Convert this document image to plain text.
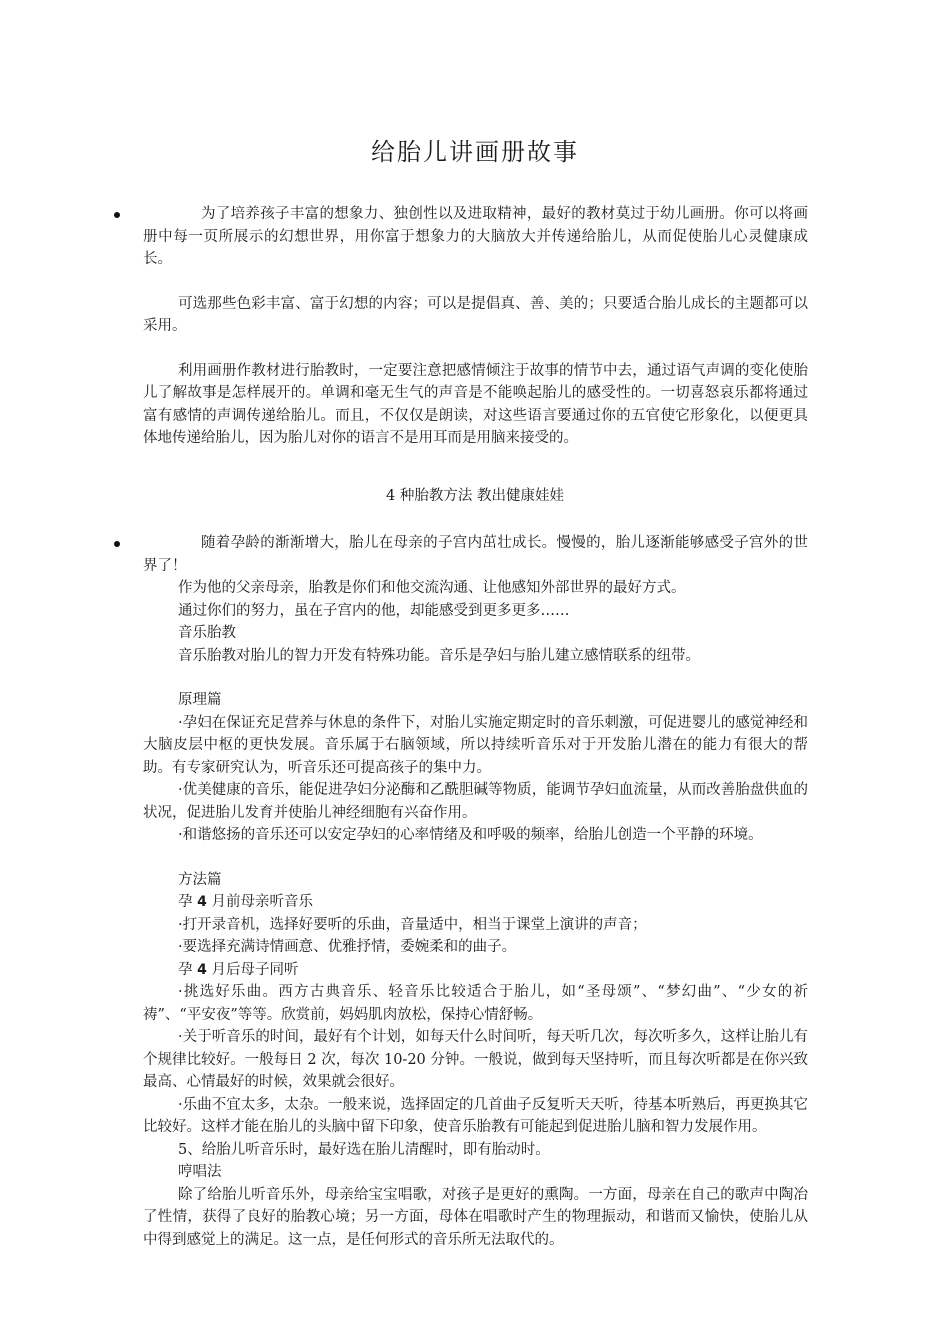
给胎儿讲画册故事

为了培养孩子丰富的想象力、独创性以及进取精神，最好的教材莫过于幼儿画册。你可以将画册中每一页所展示的幻想世界，用你富于想象力的大脑放大并传递给胎儿，从而促使胎儿心灵健康成长。

可选那些色彩丰富、富于幻想的内容；可以是提倡真、善、美的；只要适合胎儿成长的主题都可以采用。

利用画册作教材进行胎教时，一定要注意把感情倾注于故事的情节中去，通过语气声调的变化使胎儿了解故事是怎样展开的。单调和毫无生气的声音是不能唤起胎儿的感受性的。一切喜怒哀乐都将通过富有感情的声调传递给胎儿。而且，不仅仅是朗读，对这些语言要通过你的五官使它形象化，以便更具体地传递给胎儿，因为胎儿对你的语言不是用耳而是用脑来接受的。

4 种胎教方法 教出健康娃娃

随着孕龄的渐渐增大，胎儿在母亲的子宫内茁壮成长。慢慢的，胎儿逐渐能够感受子宫外的世界了！

作为他的父亲母亲，胎教是你们和他交流沟通、让他感知外部世界的最好方式。

通过你们的努力，虽在子宫内的他，却能感受到更多更多……

音乐胎教

音乐胎教对胎儿的智力开发有特殊功能。音乐是孕妇与胎儿建立感情联系的纽带。

原理篇

·孕妇在保证充足营养与休息的条件下，对胎儿实施定期定时的音乐刺激，可促进婴儿的感觉神经和大脑皮层中枢的更快发展。音乐属于右脑领域，所以持续听音乐对于开发胎儿潜在的能力有很大的帮助。有专家研究认为，听音乐还可提高孩子的集中力。

·优美健康的音乐，能促进孕妇分泌酶和乙酰胆碱等物质，能调节孕妇血流量，从而改善胎盘供血的状况，促进胎儿发育并使胎儿神经细胞有兴奋作用。

·和谐悠扬的音乐还可以安定孕妇的心率情绪及和呼吸的频率，给胎儿创造一个平静的环境。

方法篇

孕 4 月前母亲听音乐

·打开录音机，选择好要听的乐曲，音量适中，相当于课堂上演讲的声音；

·要选择充满诗情画意、优雅抒情，委婉柔和的曲子。

孕 4 月后母子同听

·挑选好乐曲。西方古典音乐、轻音乐比较适合于胎儿，如“圣母颂”、“梦幻曲”、“少女的祈祷”、“平安夜”等等。欣赏前，妈妈肌肉放松，保持心情舒畅。

·关于听音乐的时间，最好有个计划，如每天什么时间听，每天听几次，每次听多久，这样让胎儿有个规律比较好。一般每日 2 次，每次 10-20 分钟。一般说，做到每天坚持听，而且每次听都是在你兴致最高、心情最好的时候，效果就会很好。

·乐曲不宜太多，太杂。一般来说，选择固定的几首曲子反复听天天听，待基本听熟后，再更换其它比较好。这样才能在胎儿的头脑中留下印象，使音乐胎教有可能起到促进胎儿脑和智力发展作用。

5、给胎儿听音乐时，最好选在胎儿清醒时，即有胎动时。

哼唱法

除了给胎儿听音乐外，母亲给宝宝唱歌，对孩子是更好的熏陶。一方面，母亲在自己的歌声中陶冶了性情，获得了良好的胎教心境；另一方面，母体在唱歌时产生的物理振动，和谐而又愉快，使胎儿从中得到感觉上的满足。这一点，是任何形式的音乐所无法取代的。
